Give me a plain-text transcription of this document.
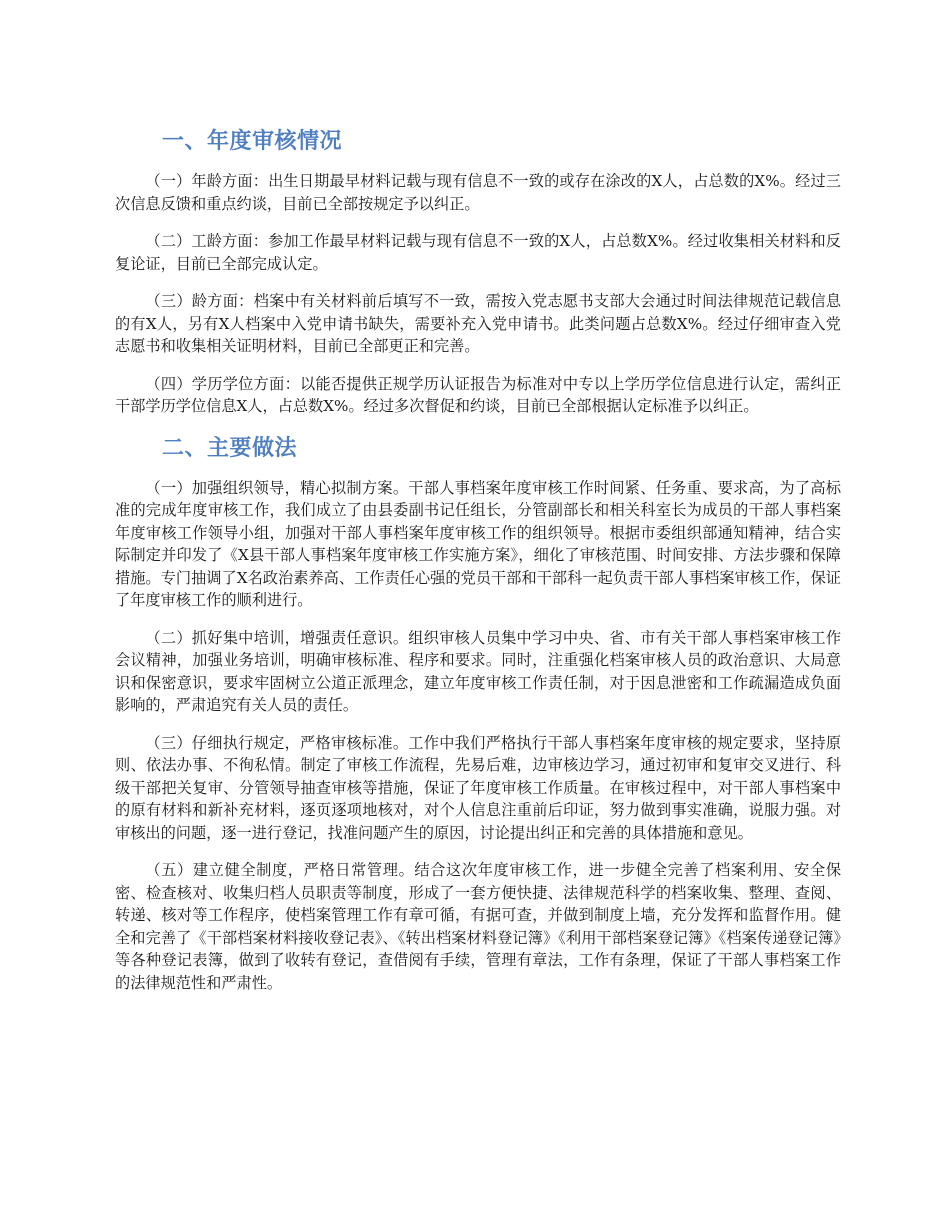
一、年度审核情况

（一）年龄方面：出生日期最早材料记载与现有信息不一致的或存在涂改的X人，占总数的X%。经过三次信息反馈和重点约谈，目前已全部按规定予以纠正。

（二）工龄方面：参加工作最早材料记载与现有信息不一致的X人，占总数X%。经过收集相关材料和反复论证，目前已全部完成认定。

（三）龄方面：档案中有关材料前后填写不一致，需按入党志愿书支部大会通过时间法律规范记载信息的有X人，另有X人档案中入党申请书缺失，需要补充入党申请书。此类问题占总数X%。经过仔细审查入党志愿书和收集相关证明材料，目前已全部更正和完善。

（四）学历学位方面：以能否提供正规学历认证报告为标准对中专以上学历学位信息进行认定，需纠正干部学历学位信息X人，占总数X%。经过多次督促和约谈，目前已全部根据认定标准予以纠正。

二、主要做法

（一）加强组织领导，精心拟制方案。干部人事档案年度审核工作时间紧、任务重、要求高，为了高标准的完成年度审核工作，我们成立了由县委副书记任组长，分管副部长和相关科室长为成员的干部人事档案年度审核工作领导小组，加强对干部人事档案年度审核工作的组织领导。根据市委组织部通知精神，结合实际制定并印发了《X县干部人事档案年度审核工作实施方案》，细化了审核范围、时间安排、方法步骤和保障措施。专门抽调了X名政治素养高、工作责任心强的党员干部和干部科一起负责干部人事档案审核工作，保证了年度审核工作的顺利进行。

（二）抓好集中培训，增强责任意识。组织审核人员集中学习中央、省、市有关干部人事档案审核工作会议精神，加强业务培训，明确审核标准、程序和要求。同时，注重强化档案审核人员的政治意识、大局意识和保密意识，要求牢固树立公道正派理念，建立年度审核工作责任制，对于因息泄密和工作疏漏造成负面影响的，严肃追究有关人员的责任。

（三）仔细执行规定，严格审核标准。工作中我们严格执行干部人事档案年度审核的规定要求，坚持原则、依法办事、不徇私情。制定了审核工作流程，先易后难，边审核边学习，通过初审和复审交叉进行、科级干部把关复审、分管领导抽查审核等措施，保证了年度审核工作质量。在审核过程中，对干部人事档案中的原有材料和新补充材料，逐页逐项地核对，对个人信息注重前后印证，努力做到事实准确，说服力强。对审核出的问题，逐一进行登记，找准问题产生的原因，讨论提出纠正和完善的具体措施和意见。

（五）建立健全制度，严格日常管理。结合这次年度审核工作，进一步健全完善了档案利用、安全保密、检查核对、收集归档人员职责等制度，形成了一套方便快捷、法律规范科学的档案收集、整理、查阅、转递、核对等工作程序，使档案管理工作有章可循，有据可查，并做到制度上墙，充分发挥和监督作用。健全和完善了《干部档案材料接收登记表》、《转出档案材料登记簿》《利用干部档案登记簿》《档案传递登记簿》等各种登记表簿，做到了收转有登记，查借阅有手续，管理有章法，工作有条理，保证了干部人事档案工作的法律规范性和严肃性。
